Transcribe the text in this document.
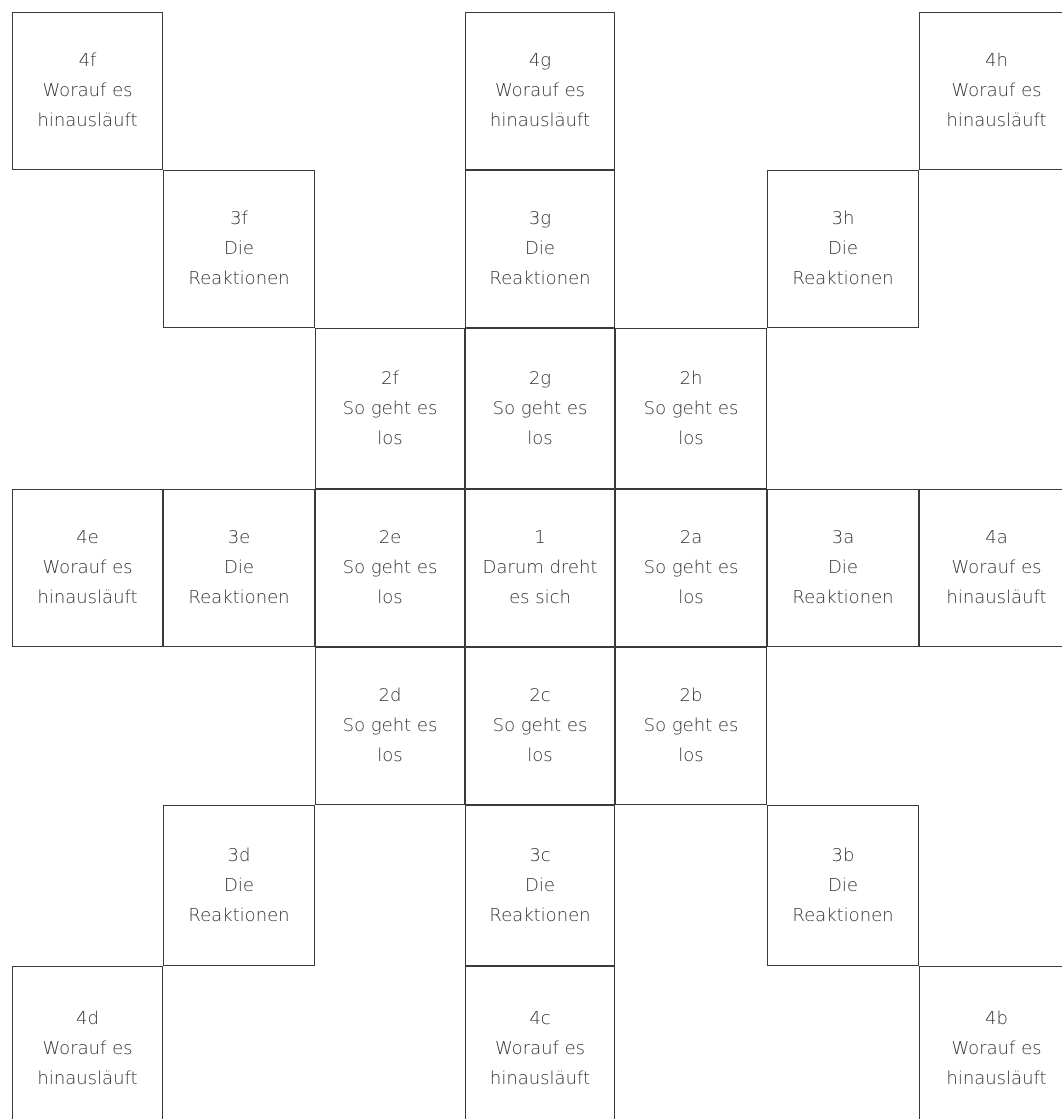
4f
Worauf es
hinausläuft
4g
Worauf es
hinausläuft
4h
Worauf es
hinausläuft
3f
Die
Reaktionen
3g
Die
Reaktionen
3h
Die
Reaktionen
2f
So geht es
los
2g
So geht es
los
2h
So geht es
los
4e
Worauf es
hinausläuft
3e
Die
Reaktionen
2e
So geht es
los
1
Darum dreht
es sich
2a
So geht es
los
3a
Die
Reaktionen
4a
Worauf es
hinausläuft
2d
So geht es
los
2c
So geht es
los
2b
So geht es
los
3d
Die
Reaktionen
3c
Die
Reaktionen
3b
Die
Reaktionen
4d
Worauf es
hinausläuft
4c
Worauf es
hinausläuft
4b
Worauf es
hinausläuft
